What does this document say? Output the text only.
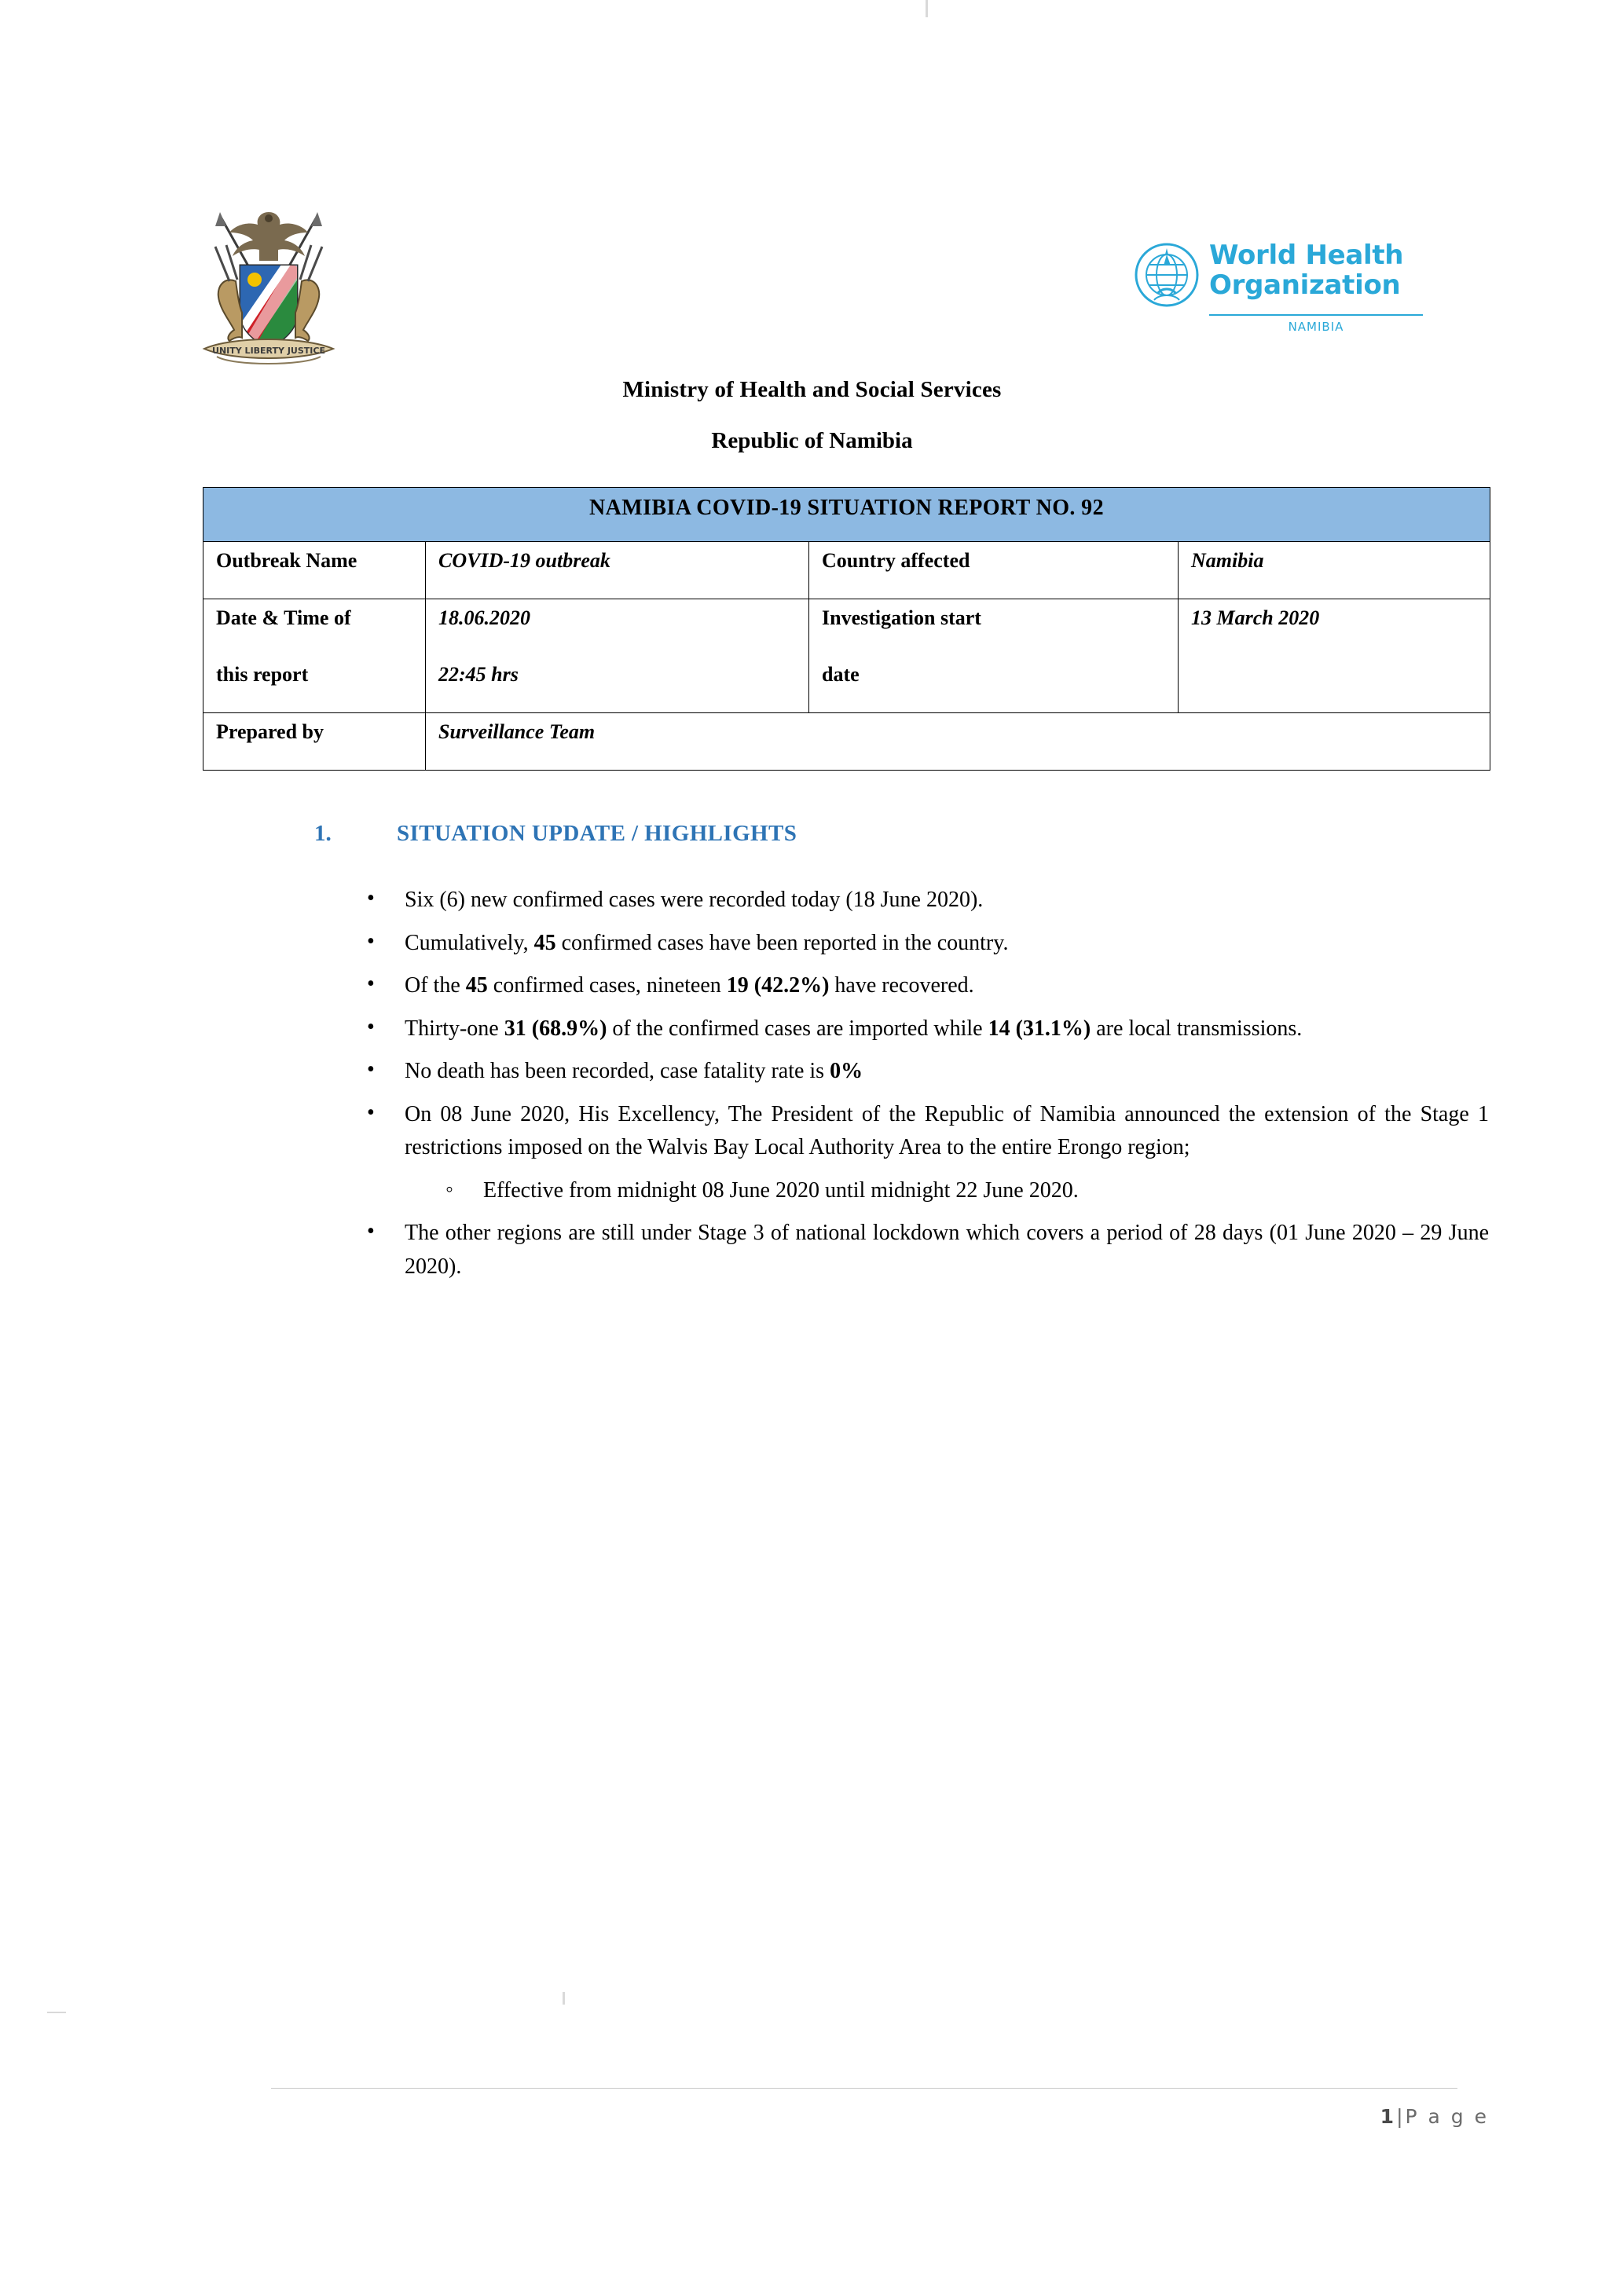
UNITY LIBERTY JUSTICE
World Health
Organization
NAMIBIA
Ministry of Health and Social Services
Republic of Namibia
NAMIBIA COVID-19 SITUATION REPORT NO. 92			
Outbreak Name	COVID-19 outbreak	Country affected	Namibia
Date & Time of	18.06.2020	Investigation start	13 March 2020
this report	22:45 hrs	date	
Prepared by	Surveillance Team		
1.	SITUATION UPDATE / HIGHLIGHTS
• Six (6) new confirmed cases were recorded today (18 June 2020).
• Cumulatively, 45 confirmed cases have been reported in the country.
• Of the 45 confirmed cases, nineteen 19 (42.2%) have recovered.
• Thirty-one 31 (68.9%) of the confirmed cases are imported while 14 (31.1%) are local transmissions.
• No death has been recorded, case fatality rate is 0%
• On 08 June 2020, His Excellency, The President of the Republic of Namibia announced the extension of the Stage 1 restrictions imposed on the Walvis Bay Local Authority Area to the entire Erongo region;
◦ Effective from midnight 08 June 2020 until midnight 22 June 2020.
• The other regions are still under Stage 3 of national lockdown which covers a period of 28 days (01 June 2020 – 29 June 2020).
1|P a g e
